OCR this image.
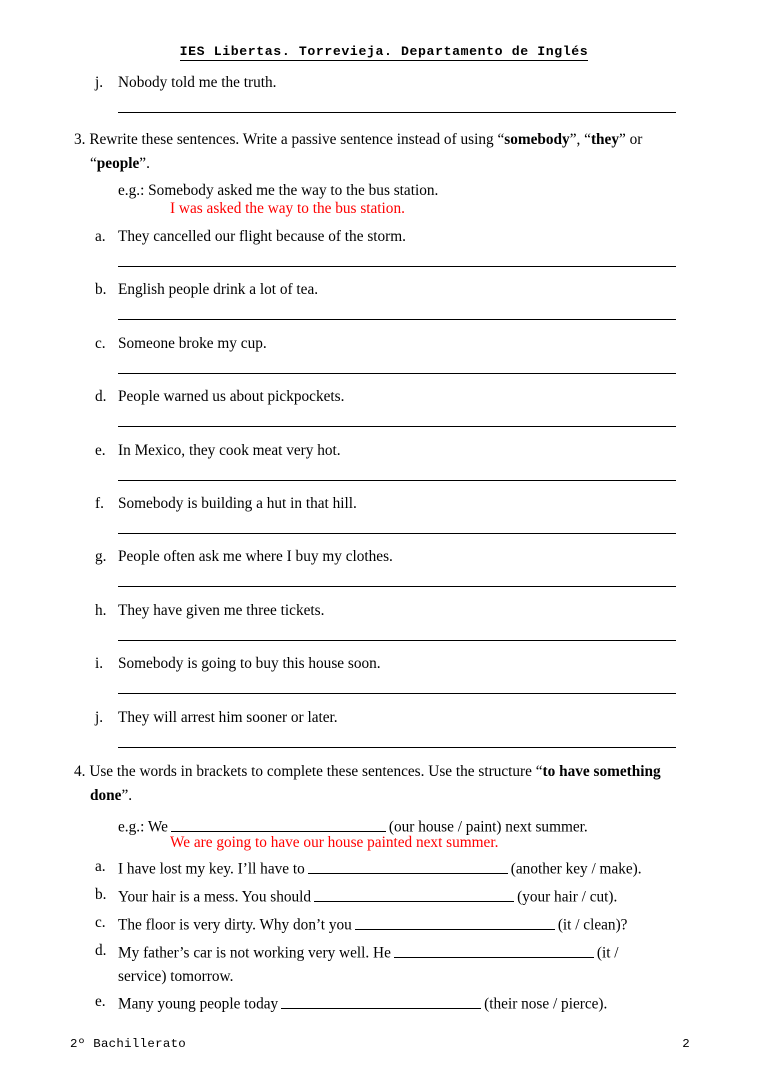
IES Libertas. Torrevieja. Departamento de Inglés
j. Nobody told me the truth.
3. Rewrite these sentences. Write a passive sentence instead of using “somebody”, “they” or
“people”.
e.g.: Somebody asked me the way to the bus station.
I was asked the way to the bus station.
a. They cancelled our flight because of the storm.
b. English people drink a lot of tea.
c. Someone broke my cup.
d. People warned us about pickpockets.
e. In Mexico, they cook meat very hot.
f. Somebody is building a hut in that hill.
g. People often ask me where I buy my clothes.
h. They have given me three tickets.
i. Somebody is going to buy this house soon.
j. They will arrest him sooner or later.
4. Use the words in brackets to complete these sentences. Use the structure “to have something
done”.
e.g.: We	(our house / paint) next summer.
We are going to have our house painted next summer.
a. I have lost my key. I’ll have to	(another key / make).
b. Your hair is a mess. You should	(your hair / cut).
c. The floor is very dirty. Why don’t you	(it / clean)?
d. My father’s car is not working very well. He	(it /
service) tomorrow.
e. Many young people today	(their nose / pierce).
2º Bachillerato	2
